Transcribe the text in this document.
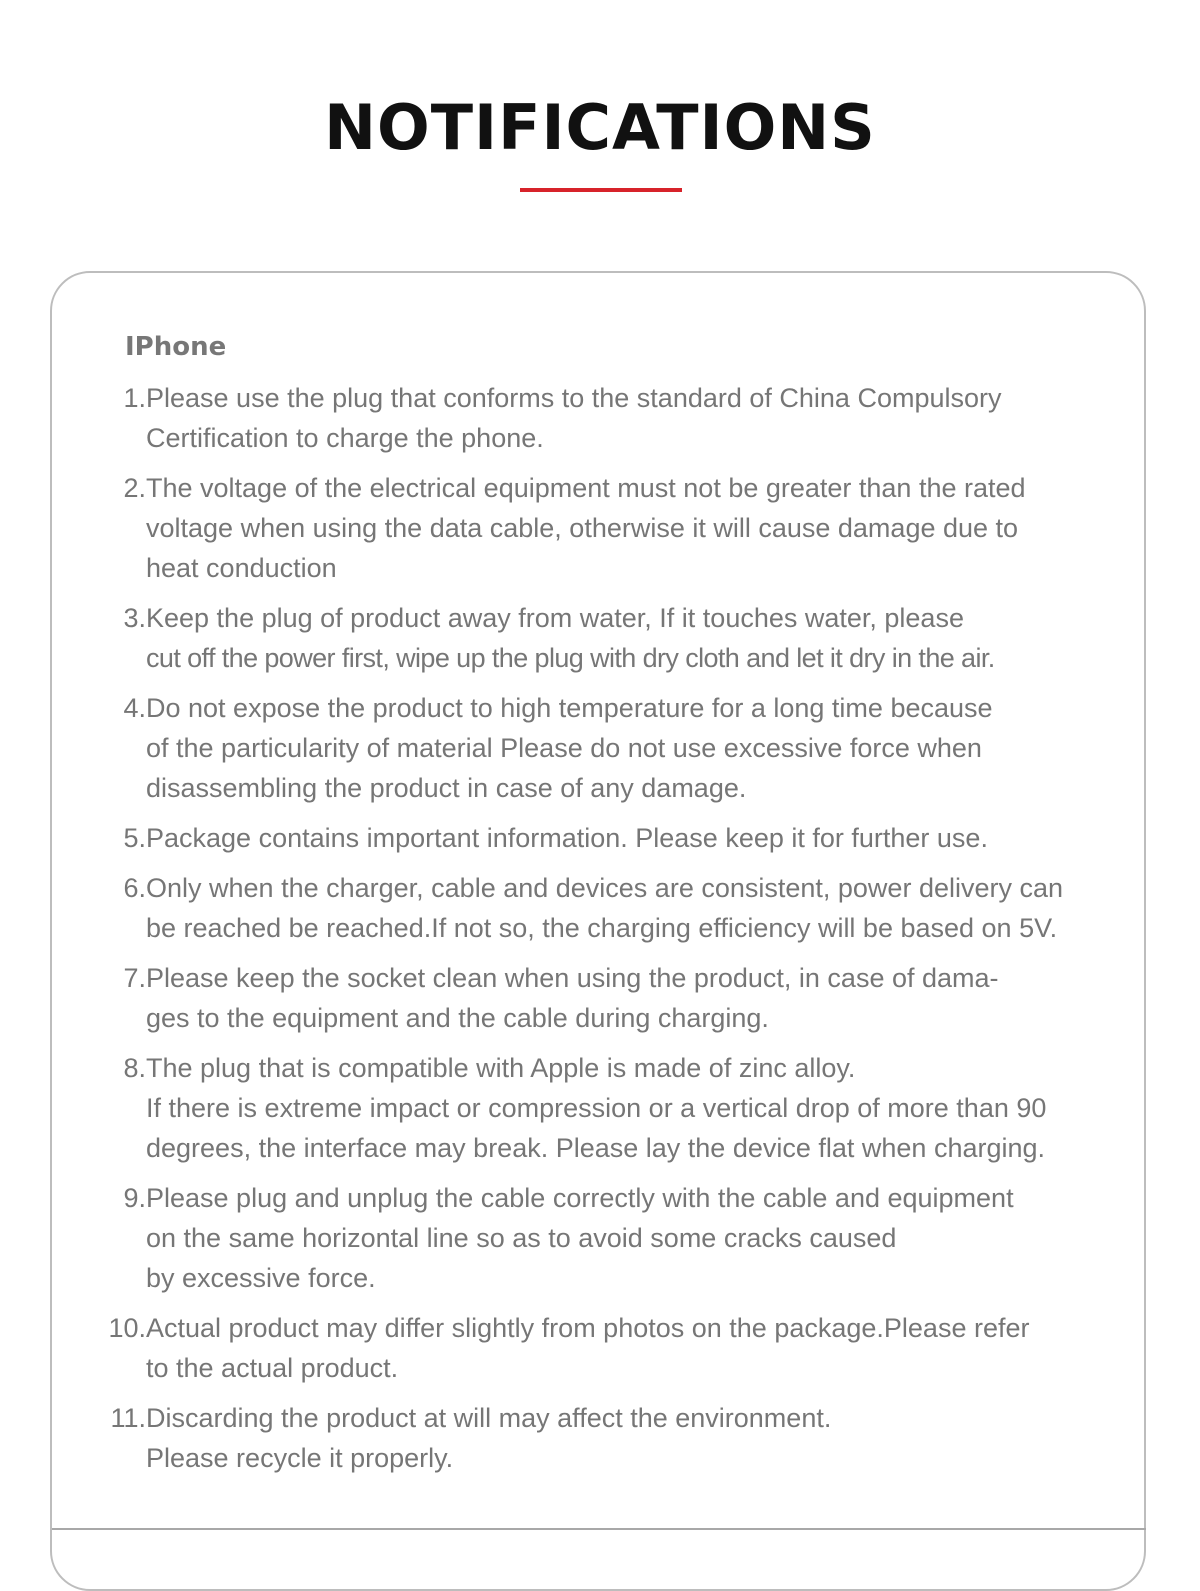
NOTIFICATIONS
IPhone
1. Please use the plug that conforms to the standard of China Compulsory
Certification to charge the phone.
2. The voltage of the electrical equipment must not be greater than the rated
voltage when using the data cable, otherwise it will cause damage due to
heat conduction
3. Keep the plug of product away from water, If it touches water, please
cut off the power first, wipe up the plug with dry cloth and let it dry in the air.
4. Do not expose the product to high temperature for a long time because
of the particularity of material Please do not use excessive force when
disassembling the product in case of any damage.
5. Package contains important information. Please keep it for further use.
6. Only when the charger, cable and devices are consistent, power delivery can
be reached be reached.If not so, the charging efficiency will be based on 5V.
7. Please keep the socket clean when using the product, in case of dama-
ges to the equipment and the cable during charging.
8. The plug that is compatible with Apple is made of zinc alloy.
If there is extreme impact or compression or a vertical drop of more than 90
degrees, the interface may break. Please lay the device flat when charging.
9. Please plug and unplug the cable correctly with the cable and equipment
on the same horizontal line so as to avoid some cracks caused
by excessive force.
10. Actual product may differ slightly from photos on the package.Please refer
to the actual product.
11. Discarding the product at will may affect the environment.
Please recycle it properly.
